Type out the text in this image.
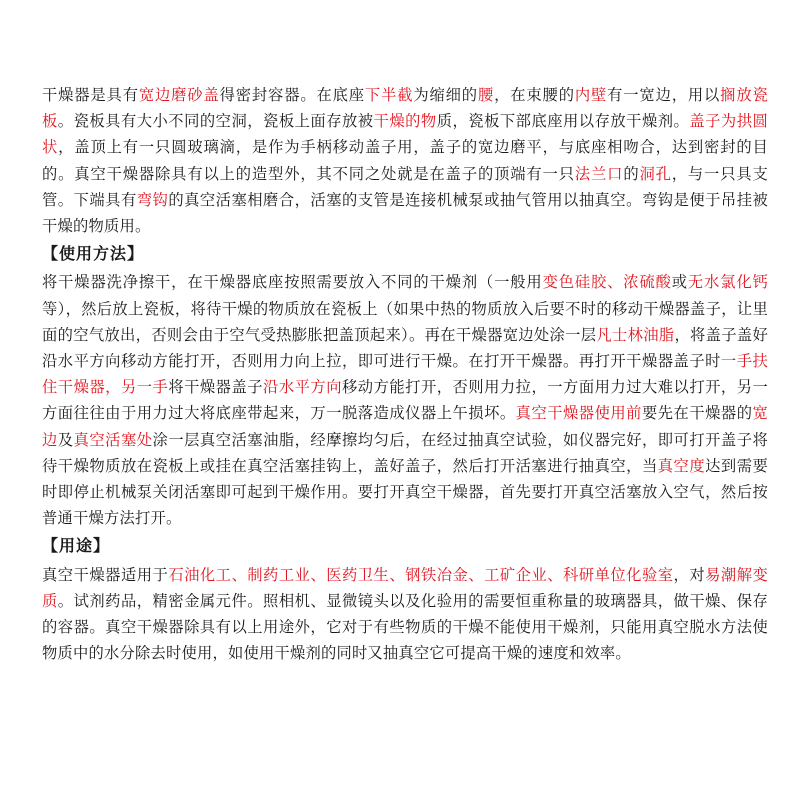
干燥器是具有宽边磨砂盖得密封容器。在底座下半截为缩细的腰，在束腰的内壁有一宽边，用以搁放瓷板。瓷板具有大小不同的空洞，瓷板上面存放被干燥的物质，瓷板下部底座用以存放干燥剂。盖子为拱圆状，盖顶上有一只圆玻璃滴，是作为手柄移动盖子用，盖子的宽边磨平，与底座相吻合，达到密封的目的。真空干燥器除具有以上的造型外，其不同之处就是在盖子的顶端有一只法兰口的洞孔，与一只具支管。下端具有弯钩的真空活塞相磨合，活塞的支管是连接机械泵或抽气管用以抽真空。弯钩是便于吊挂被干燥的物质用。

【使用方法】

将干燥器洗净擦干，在干燥器底座按照需要放入不同的干燥剂（一般用变色硅胶、浓硫酸或无水氯化钙等），然后放上瓷板，将待干燥的物质放在瓷板上（如果中热的物质放入后要不时的移动干燥器盖子，让里面的空气放出，否则会由于空气受热膨胀把盖顶起来）。再在干燥器宽边处涂一层凡士林油脂，将盖子盖好沿水平方向移动方能打开，否则用力向上拉，即可进行干燥。在打开干燥器。再打开干燥器盖子时一手扶住干燥器，另一手将干燥器盖子沿水平方向移动方能打开，否则用力拉，一方面用力过大难以打开，另一方面往往由于用力过大将底座带起来，万一脱落造成仪器上午损坏。真空干燥器使用前要先在干燥器的宽边及真空活塞处涂一层真空活塞油脂，经摩擦均匀后，在经过抽真空试验，如仪器完好，即可打开盖子将待干燥物质放在瓷板上或挂在真空活塞挂钩上，盖好盖子，然后打开活塞进行抽真空，当真空度达到需要时即停止机械泵关闭活塞即可起到干燥作用。要打开真空干燥器，首先要打开真空活塞放入空气，然后按普通干燥方法打开。

【用途】

真空干燥器适用于石油化工、制药工业、医药卫生、钢铁冶金、工矿企业、科研单位化验室，对易潮解变质。试剂药品，精密金属元件。照相机、显微镜头以及化验用的需要恒重称量的玻璃器具，做干燥、保存的容器。真空干燥器除具有以上用途外，它对于有些物质的干燥不能使用干燥剂，只能用真空脱水方法使物质中的水分除去时使用，如使用干燥剂的同时又抽真空它可提高干燥的速度和效率。
